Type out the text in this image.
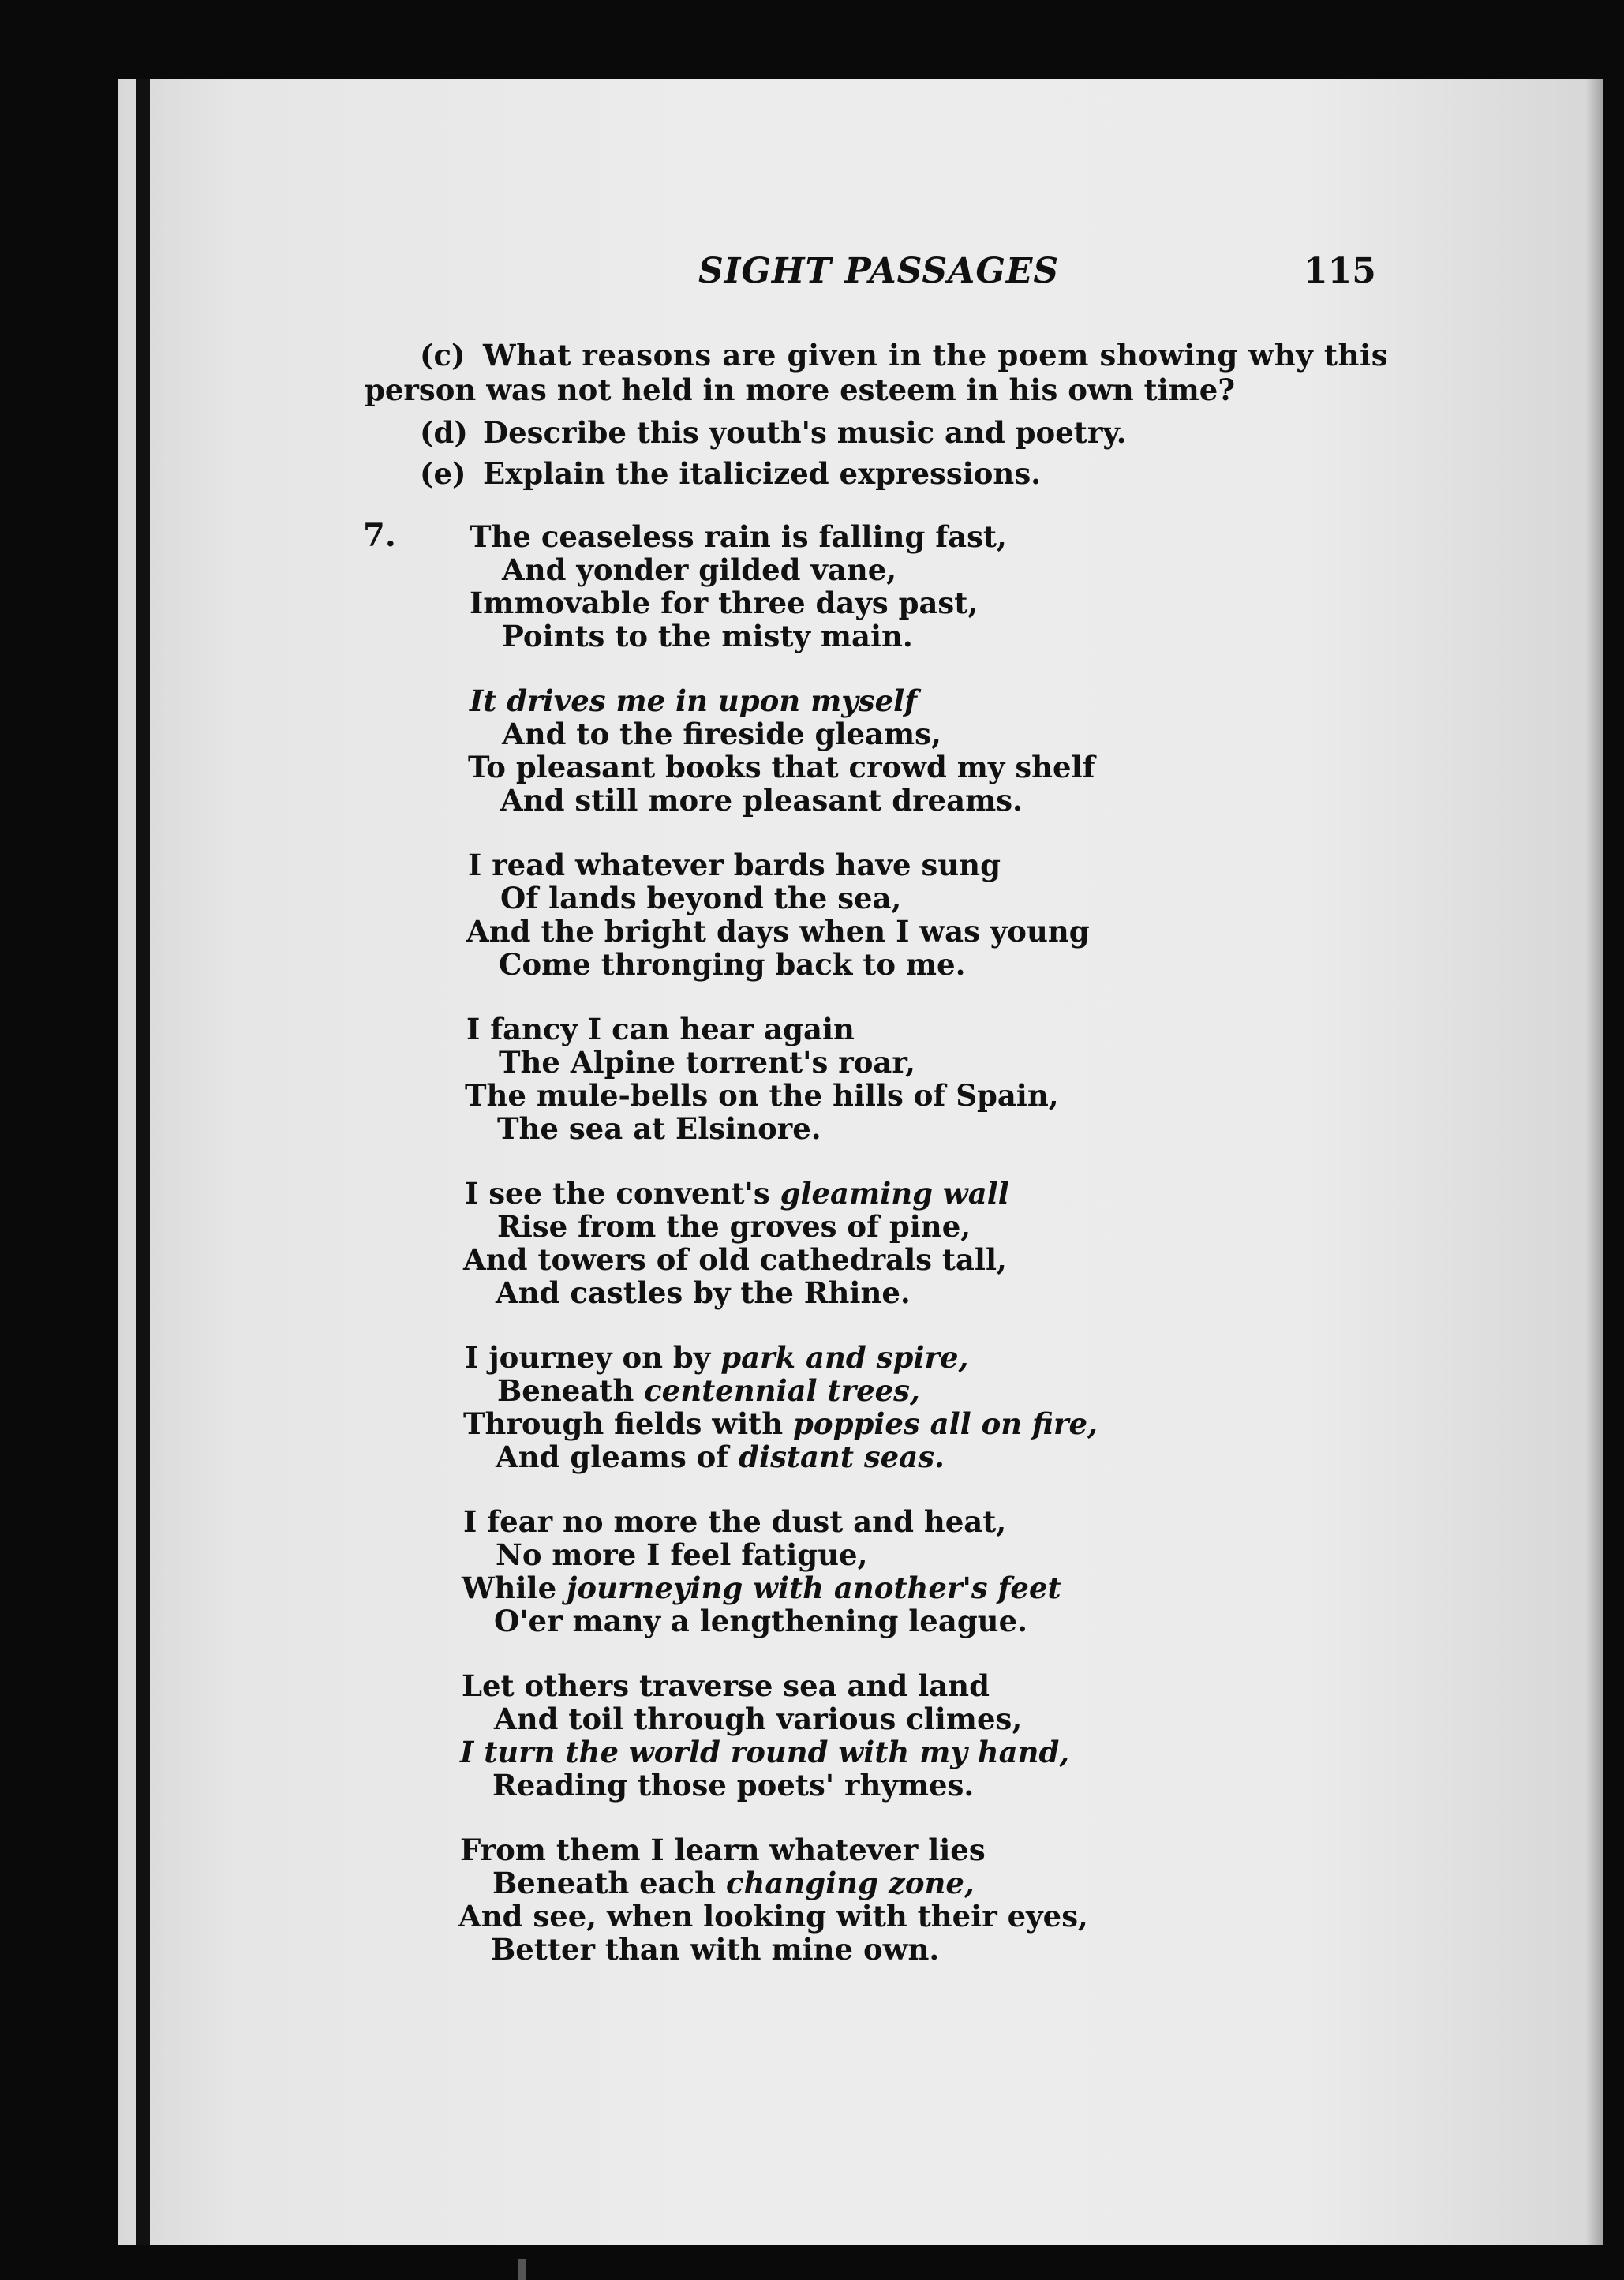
SIGHT PASSAGES	115
(c) What reasons are given in the poem showing why this
person was not held in more esteem in his own time?
(d) Describe this youth's music and poetry.
(e) Explain the italicized expressions.
7.	The ceaseless rain is falling fast,
And yonder gilded vane,
Immovable for three days past,
Points to the misty main.
It drives me in upon myself
And to the fireside gleams,
To pleasant books that crowd my shelf
And still more pleasant dreams.
I read whatever bards have sung
Of lands beyond the sea,
And the bright days when I was young
Come thronging back to me.
I fancy I can hear again
The Alpine torrent's roar,
The mule-bells on the hills of Spain,
The sea at Elsinore.
I see the convent's gleaming wall
Rise from the groves of pine,
And towers of old cathedrals tall,
And castles by the Rhine.
I journey on by park and spire,
Beneath centennial trees,
Through fields with poppies all on fire,
And gleams of distant seas.
I fear no more the dust and heat,
No more I feel fatigue,
While journeying with another's feet
O'er many a lengthening league.
Let others traverse sea and land
And toil through various climes,
I turn the world round with my hand,
Reading those poets' rhymes.
From them I learn whatever lies
Beneath each changing zone,
And see, when looking with their eyes,
Better than with mine own.
